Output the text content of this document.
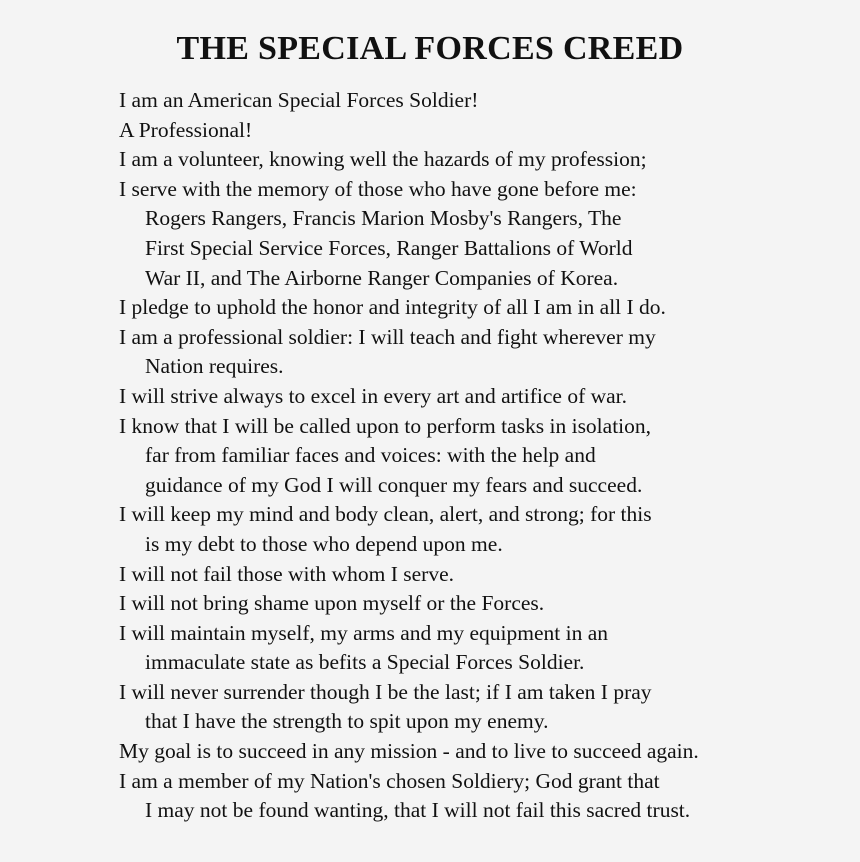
THE SPECIAL FORCES CREED
I am an American Special Forces Soldier!
A Professional!
I am a volunteer, knowing well the hazards of my profession;
I serve with the memory of those who have gone before me:
Rogers Rangers, Francis Marion Mosby's Rangers, The
First Special Service Forces, Ranger Battalions of World
War II, and The Airborne Ranger Companies of Korea.
I pledge to uphold the honor and integrity of all I am in all I do.
I am a professional soldier: I will teach and fight wherever my
Nation requires.
I will strive always to excel in every art and artifice of war.
I know that I will be called upon to perform tasks in isolation,
far from familiar faces and voices: with the help and
guidance of my God I will conquer my fears and succeed.
I will keep my mind and body clean, alert, and strong; for this
is my debt to those who depend upon me.
I will not fail those with whom I serve.
I will not bring shame upon myself or the Forces.
I will maintain myself, my arms and my equipment in an
immaculate state as befits a Special Forces Soldier.
I will never surrender though I be the last; if I am taken I pray
that I have the strength to spit upon my enemy.
My goal is to succeed in any mission - and to live to succeed again.
I am a member of my Nation's chosen Soldiery; God grant that
I may not be found wanting, that I will not fail this sacred trust.
